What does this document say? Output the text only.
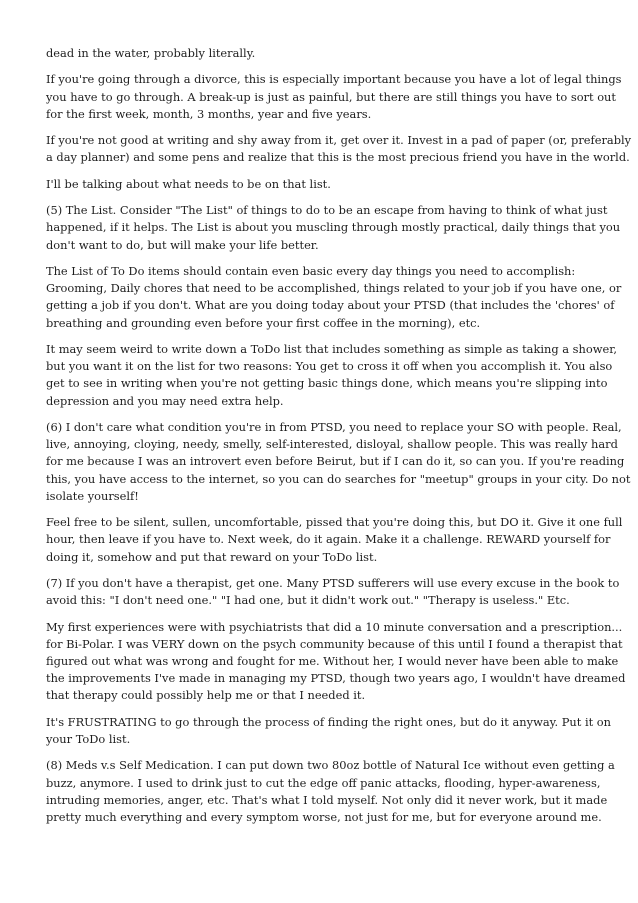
dead in the water, probably literally.

If you're going through a divorce, this is especially important because you have a lot of legal things
you have to go through. A break-up is just as painful, but there are still things you have to sort out
for the first week, month, 3 months, year and five years.

If you're not good at writing and shy away from it, get over it. Invest in a pad of paper (or, preferably
a day planner) and some pens and realize that this is the most precious friend you have in the world.

I'll be talking about what needs to be on that list.

(5) The List. Consider "The List" of things to do to be an escape from having to think of what just
happened, if it helps. The List is about you muscling through mostly practical, daily things that you
don't want to do, but will make your life better.

The List of To Do items should contain even basic every day things you need to accomplish:
Grooming, Daily chores that need to be accomplished, things related to your job if you have one, or
getting a job if you don't. What are you doing today about your PTSD (that includes the 'chores' of
breathing and grounding even before your first coffee in the morning), etc.

It may seem weird to write down a ToDo list that includes something as simple as taking a shower,
but you want it on the list for two reasons: You get to cross it off when you accomplish it. You also
get to see in writing when you're not getting basic things done, which means you're slipping into
depression and you may need extra help.

(6) I don't care what condition you're in from PTSD, you need to replace your SO with people. Real,
live, annoying, cloying, needy, smelly, self-interested, disloyal, shallow people. This was really hard
for me because I was an introvert even before Beirut, but if I can do it, so can you. If you're reading
this, you have access to the internet, so you can do searches for "meetup" groups in your city. Do not
isolate yourself!

Feel free to be silent, sullen, uncomfortable, pissed that you're doing this, but DO it. Give it one full
hour, then leave if you have to. Next week, do it again. Make it a challenge. REWARD yourself for
doing it, somehow and put that reward on your ToDo list.

(7) If you don't have a therapist, get one. Many PTSD sufferers will use every excuse in the book to
avoid this: "I don't need one." "I had one, but it didn't work out." "Therapy is useless." Etc.

My first experiences were with psychiatrists that did a 10 minute conversation and a prescription...
for Bi-Polar. I was VERY down on the psych community because of this until I found a therapist that
figured out what was wrong and fought for me. Without her, I would never have been able to make
the improvements I've made in managing my PTSD, though two years ago, I wouldn't have dreamed
that therapy could possibly help me or that I needed it.

It's FRUSTRATING to go through the process of finding the right ones, but do it anyway. Put it on
your ToDo list.

(8) Meds v.s Self Medication. I can put down two 80oz bottle of Natural Ice without even getting a
buzz, anymore. I used to drink just to cut the edge off panic attacks, flooding, hyper-awareness,
intruding memories, anger, etc. That's what I told myself. Not only did it never work, but it made
pretty much everything and every symptom worse, not just for me, but for everyone around me.
